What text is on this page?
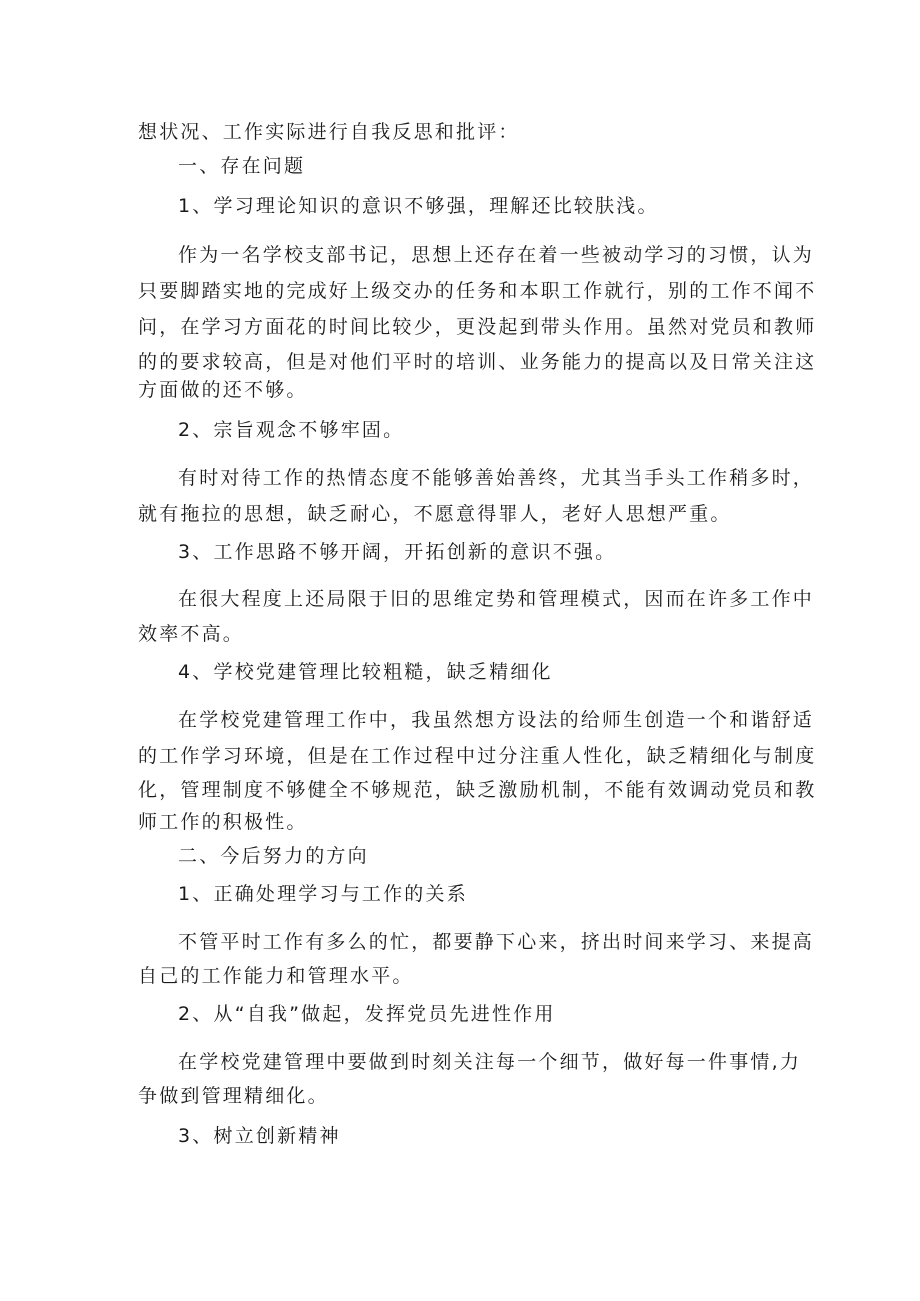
想状况、工作实际进行自我反思和批评：
一、存在问题
1、学习理论知识的意识不够强，理解还比较肤浅。
作为一名学校支部书记，思想上还存在着一些被动学习的习惯，认为
只要脚踏实地的完成好上级交办的任务和本职工作就行，别的工作不闻不
问，在学习方面花的时间比较少，更没起到带头作用。虽然对党员和教师
的的要求较高，但是对他们平时的培训、业务能力的提高以及日常关注这
方面做的还不够。
2、宗旨观念不够牢固。
有时对待工作的热情态度不能够善始善终，尤其当手头工作稍多时，
就有拖拉的思想，缺乏耐心，不愿意得罪人，老好人思想严重。
3、工作思路不够开阔，开拓创新的意识不强。
在很大程度上还局限于旧的思维定势和管理模式，因而在许多工作中
效率不高。
4、学校党建管理比较粗糙，缺乏精细化
在学校党建管理工作中，我虽然想方设法的给师生创造一个和谐舒适
的工作学习环境，但是在工作过程中过分注重人性化，缺乏精细化与制度
化，管理制度不够健全不够规范，缺乏激励机制，不能有效调动党员和教
师工作的积极性。
二、今后努力的方向
1、正确处理学习与工作的关系
不管平时工作有多么的忙，都要静下心来，挤出时间来学习、来提高
自己的工作能力和管理水平。
2、从“自我”做起，发挥党员先进性作用
在学校党建管理中要做到时刻关注每一个细节，做好每一件事情,力
争做到管理精细化。
3、树立创新精神
